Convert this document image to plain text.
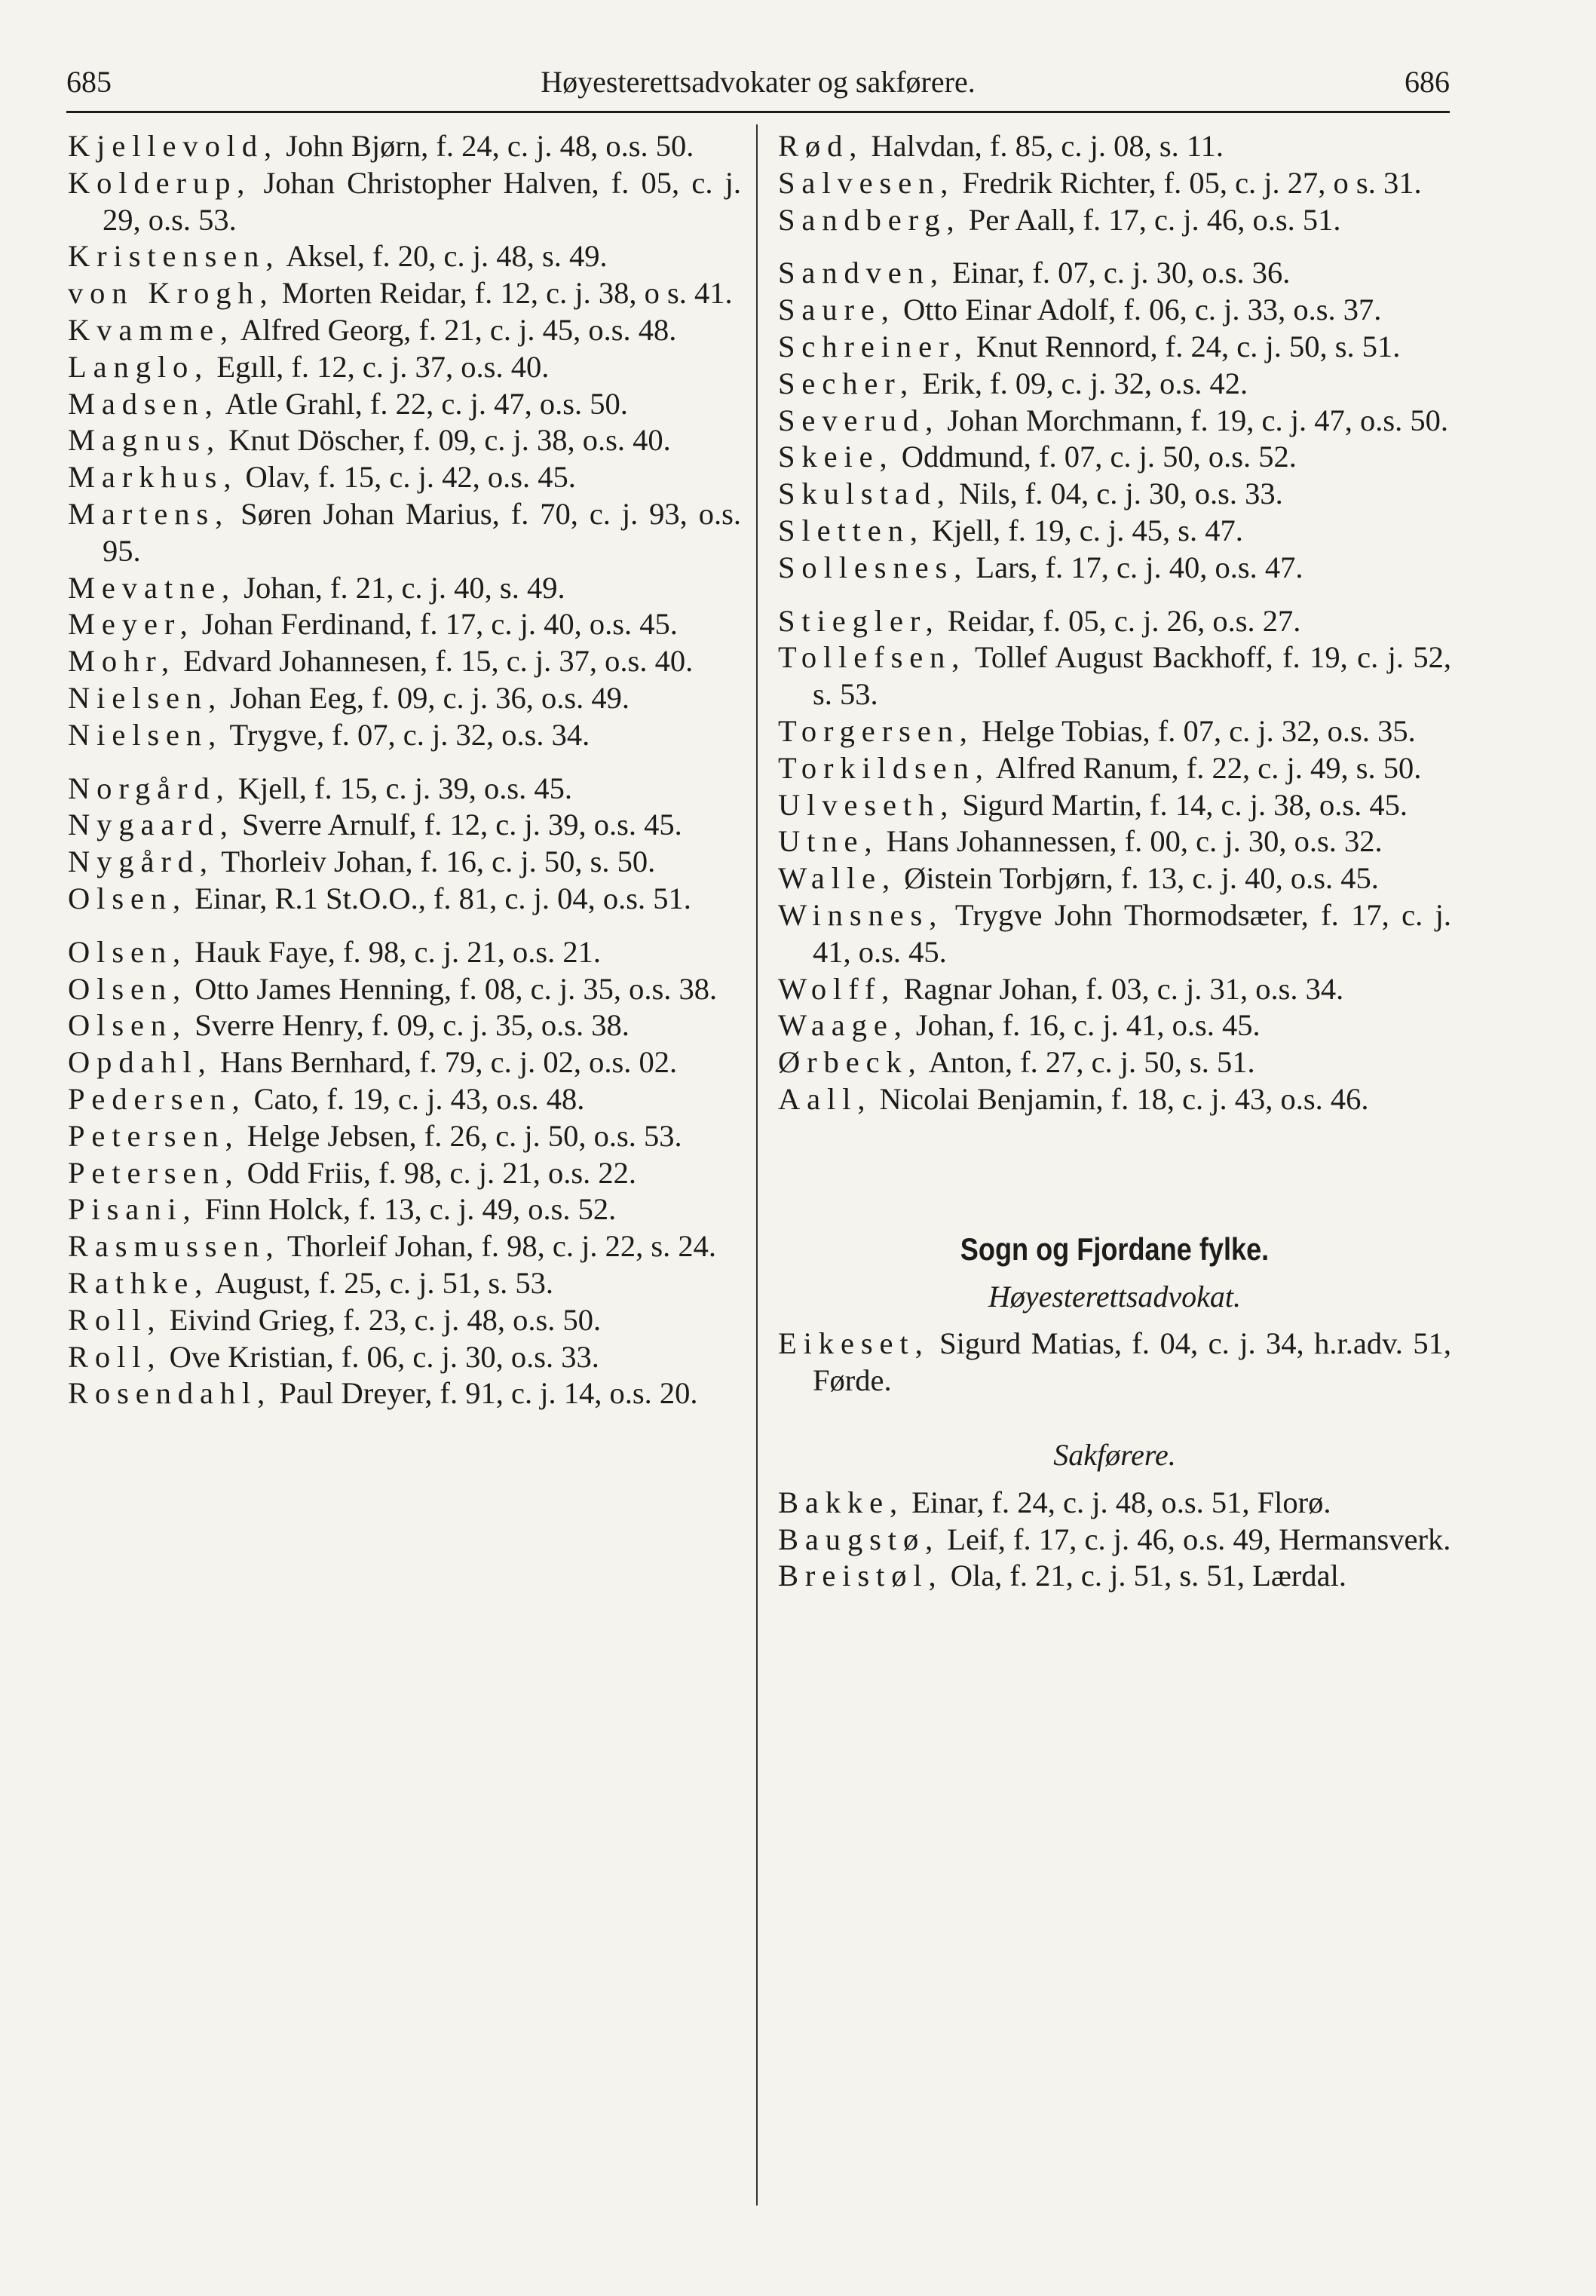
685	Høyesterettsadvokater og sakførere.	686

Kjellevold, John Bjørn, f. 24, c. j. 48, o.s. 50.

Kolderup, Johan Christopher Halven, f. 05, c. j. 29, o.s. 53.

Kristensen, Aksel, f. 20, c. j. 48, s. 49.

von Krogh, Morten Reidar, f. 12, c. j. 38, o s. 41.

Kvamme, Alfred Georg, f. 21, c. j. 45, o.s. 48.

Langlo, Egıll, f. 12, c. j. 37, o.s. 40.

Madsen, Atle Grahl, f. 22, c. j. 47, o.s. 50.

Magnus, Knut Döscher, f. 09, c. j. 38, o.s. 40.

Markhus, Olav, f. 15, c. j. 42, o.s. 45.

Martens, Søren Johan Marius, f. 70, c. j. 93, o.s. 95.

Mevatne, Johan, f. 21, c. j. 40, s. 49.

Meyer, Johan Ferdinand, f. 17, c. j. 40, o.s. 45.

Mohr, Edvard Johannesen, f. 15, c. j. 37, o.s. 40.

Nielsen, Johan Eeg, f. 09, c. j. 36, o.s. 49.

Nielsen, Trygve, f. 07, c. j. 32, o.s. 34.

Norgård, Kjell, f. 15, c. j. 39, o.s. 45.

Nygaard, Sverre Arnulf, f. 12, c. j. 39, o.s. 45.

Nygård, Thorleiv Johan, f. 16, c. j. 50, s. 50.

Olsen, Einar, R.1 St.O.O., f. 81, c. j. 04, o.s. 51.

Olsen, Hauk Faye, f. 98, c. j. 21, o.s. 21.

Olsen, Otto James Henning, f. 08, c. j. 35, o.s. 38.

Olsen, Sverre Henry, f. 09, c. j. 35, o.s. 38.

Opdahl, Hans Bernhard, f. 79, c. j. 02, o.s. 02.

Pedersen, Cato, f. 19, c. j. 43, o.s. 48.

Petersen, Helge Jebsen, f. 26, c. j. 50, o.s. 53.

Petersen, Odd Friis, f. 98, c. j. 21, o.s. 22.

Pisani, Finn Holck, f. 13, c. j. 49, o.s. 52.

Rasmussen, Thorleif Johan, f. 98, c. j. 22, s. 24.

Rathke, August, f. 25, c. j. 51, s. 53.

Roll, Eivind Grieg, f. 23, c. j. 48, o.s. 50.

Roll, Ove Kristian, f. 06, c. j. 30, o.s. 33.

Rosendahl, Paul Dreyer, f. 91, c. j. 14, o.s. 20.

Rød, Halvdan, f. 85, c. j. 08, s. 11.

Salvesen, Fredrik Richter, f. 05, c. j. 27, o s. 31.

Sandberg, Per Aall, f. 17, c. j. 46, o.s. 51.

Sandven, Einar, f. 07, c. j. 30, o.s. 36.

Saure, Otto Einar Adolf, f. 06, c. j. 33, o.s. 37.

Schreiner, Knut Rennord, f. 24, c. j. 50, s. 51.

Secher, Erik, f. 09, c. j. 32, o.s. 42.

Severud, Johan Morchmann, f. 19, c. j. 47, o.s. 50.

Skeie, Oddmund, f. 07, c. j. 50, o.s. 52.

Skulstad, Nils, f. 04, c. j. 30, o.s. 33.

Sletten, Kjell, f. 19, c. j. 45, s. 47.

Sollesnes, Lars, f. 17, c. j. 40, o.s. 47.

Stiegler, Reidar, f. 05, c. j. 26, o.s. 27.

Tollefsen, Tollef August Backhoff, f. 19, c. j. 52, s. 53.

Torgersen, Helge Tobias, f. 07, c. j. 32, o.s. 35.

Torkildsen, Alfred Ranum, f. 22, c. j. 49, s. 50.

Ulveseth, Sigurd Martin, f. 14, c. j. 38, o.s. 45.

Utne, Hans Johannessen, f. 00, c. j. 30, o.s. 32.

Walle, Øistein Torbjørn, f. 13, c. j. 40, o.s. 45.

Winsnes, Trygve John Thormodsæter, f. 17, c. j. 41, o.s. 45.

Wolff, Ragnar Johan, f. 03, c. j. 31, o.s. 34.

Waage, Johan, f. 16, c. j. 41, o.s. 45.

Ørbeck, Anton, f. 27, c. j. 50, s. 51.

Aall, Nicolai Benjamin, f. 18, c. j. 43, o.s. 46.

Sogn og Fjordane fylke.
Høyesterettsadvokat.

Eikeset, Sigurd Matias, f. 04, c. j. 34, h.r.adv. 51, Førde.

Sakførere.

Bakke, Einar, f. 24, c. j. 48, o.s. 51, Florø.

Baugstø, Leif, f. 17, c. j. 46, o.s. 49, Hermansverk.

Breistøl, Ola, f. 21, c. j. 51, s. 51, Lærdal.
